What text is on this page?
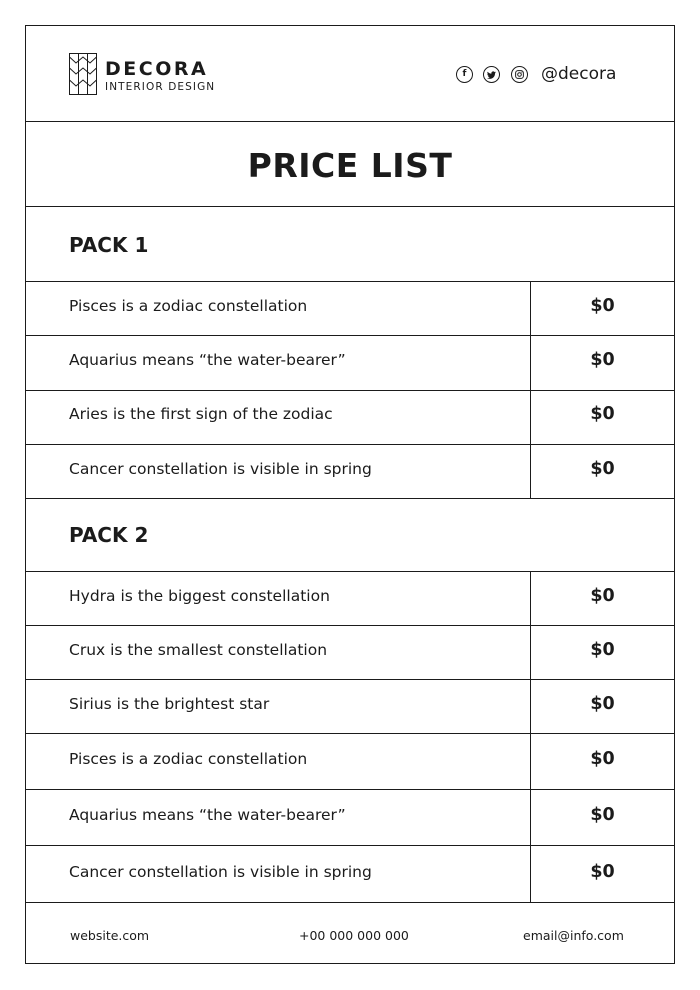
DECORA
INTERIOR DESIGN
f	@decora
PRICE LIST
PACK 1
Pisces is a zodiac constellation	$0
Aquarius means “the water-bearer”	$0
Aries is the first sign of the zodiac	$0
Cancer constellation is visible in spring	$0
PACK 2
Hydra is the biggest constellation	$0
Crux is the smallest constellation	$0
Sirius is the brightest star	$0
Pisces is a zodiac constellation	$0
Aquarius means “the water-bearer”	$0
Cancer constellation is visible in spring	$0
website.com	+00 000 000 000	email@info.com
